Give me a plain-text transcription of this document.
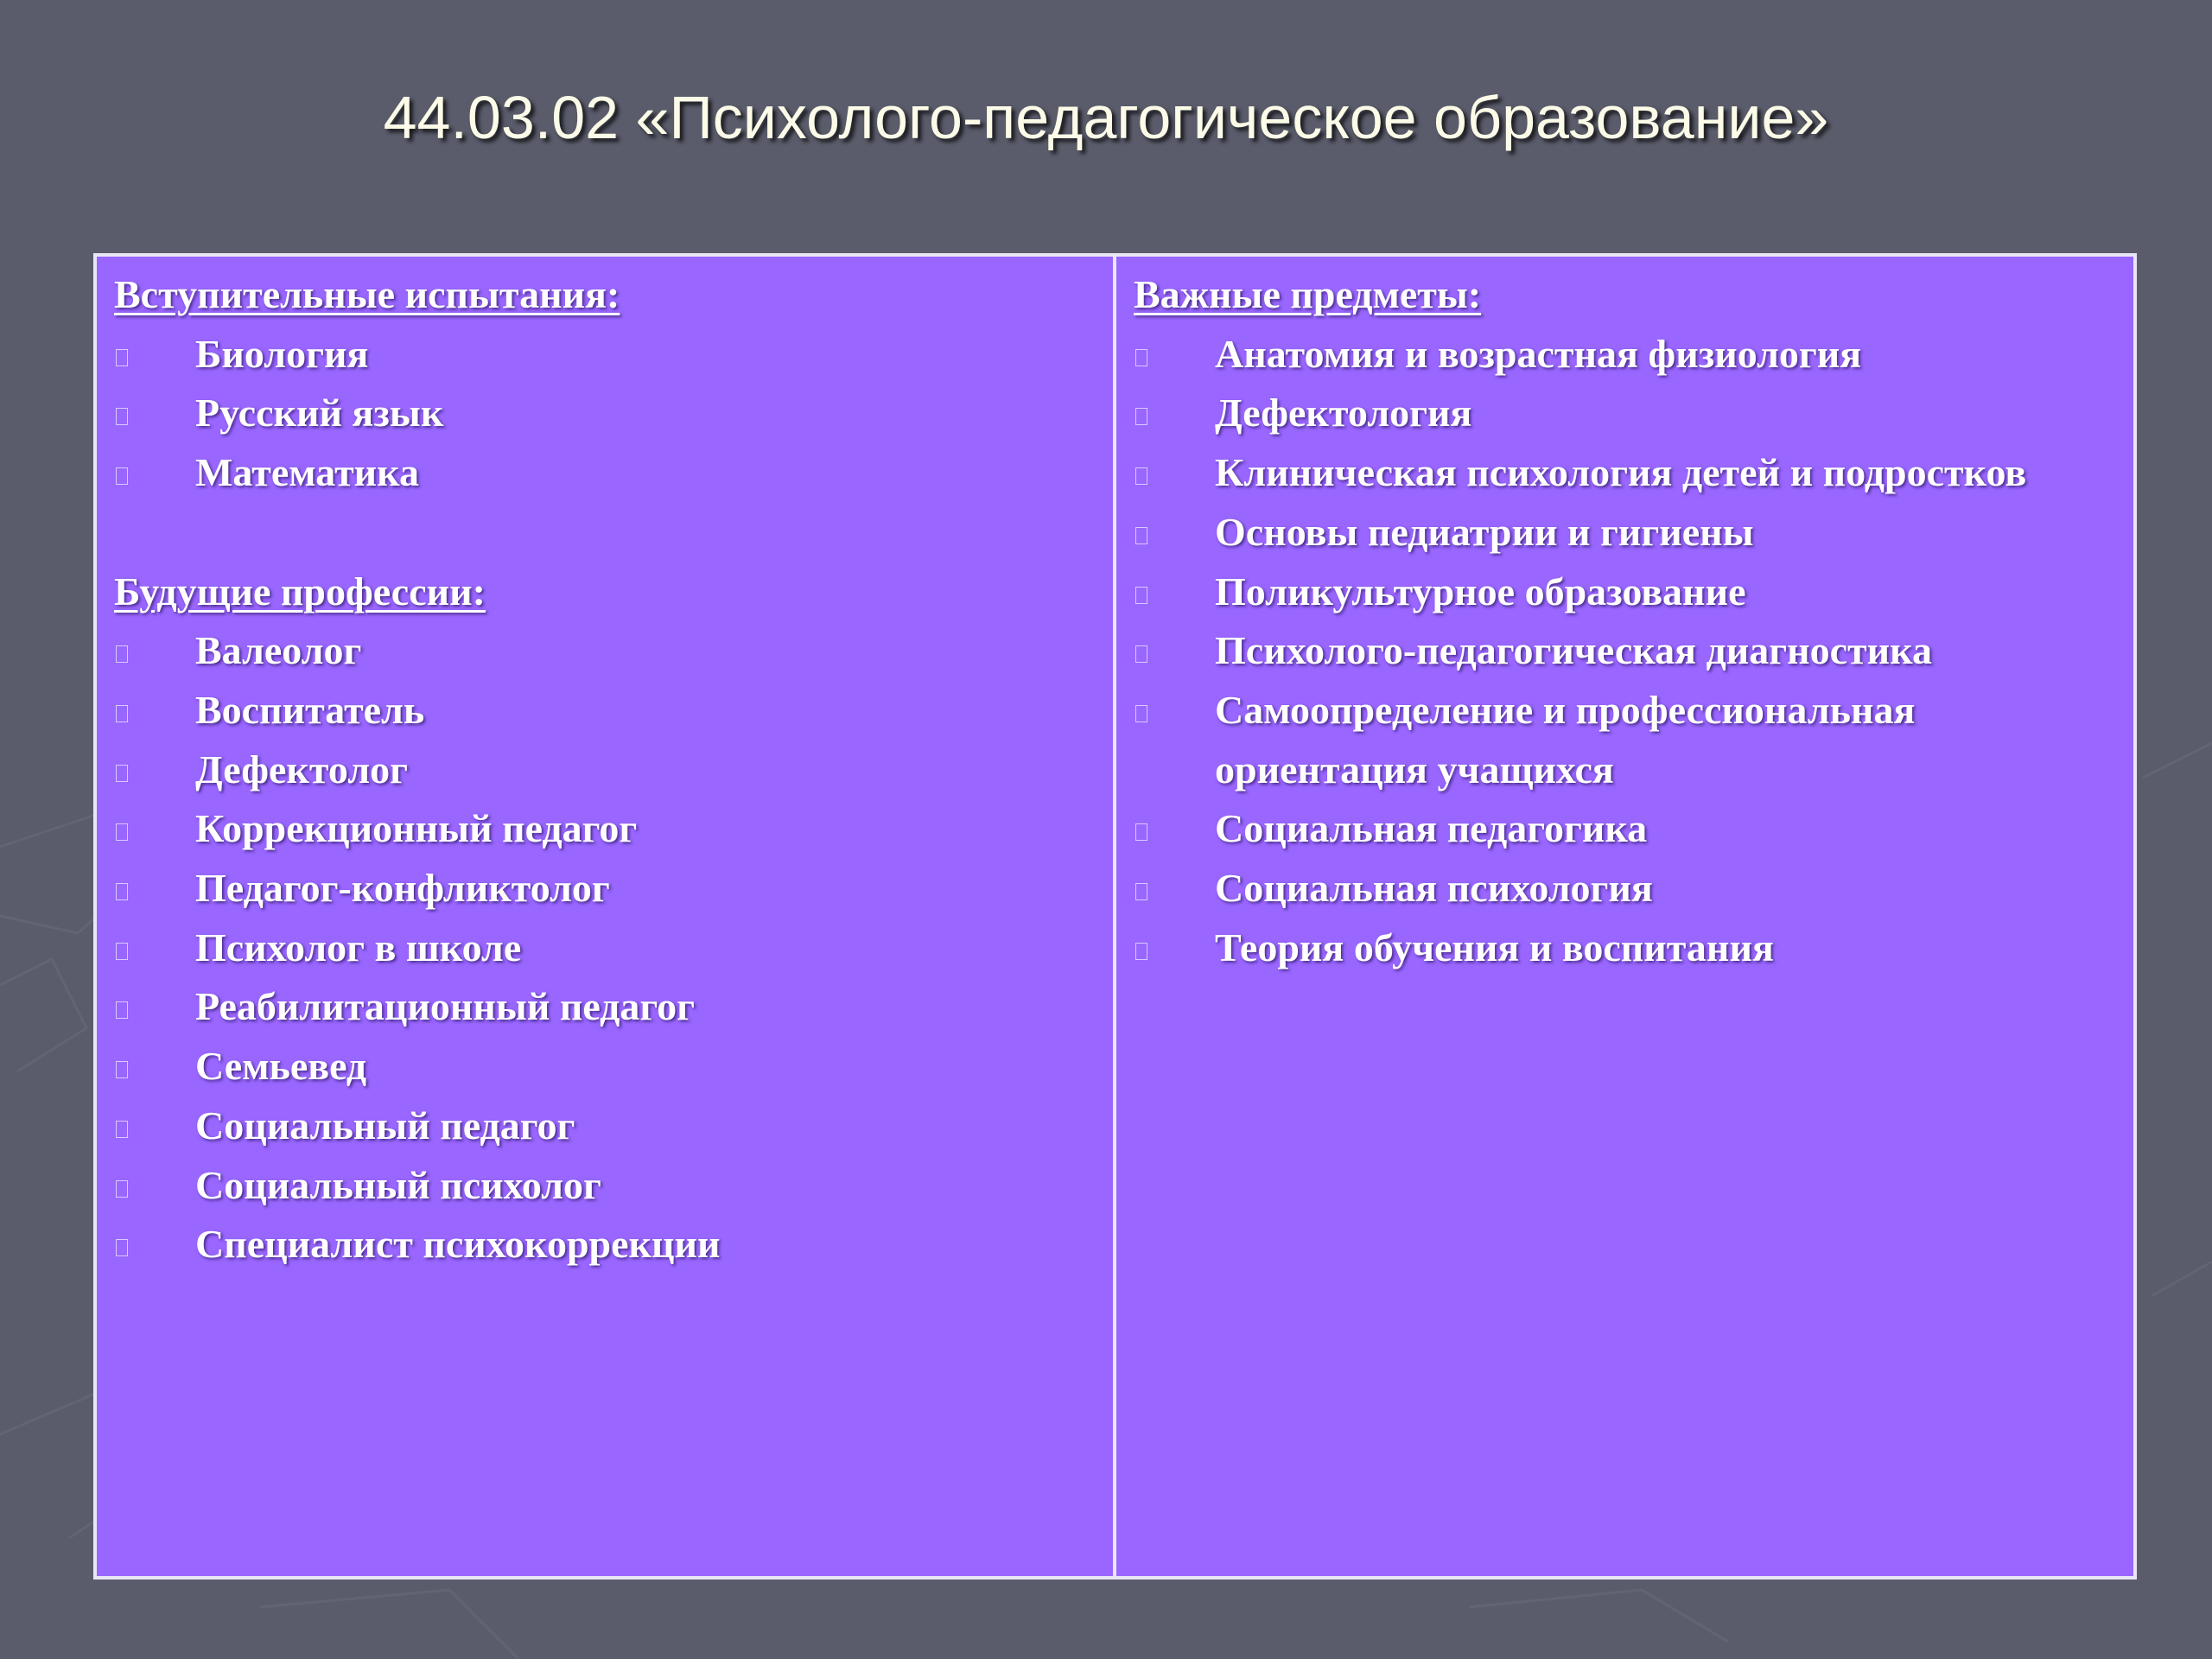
44.03.02 «Психолого-педагогическое образование»
Вступительные испытания:
Биология
Русский язык
Математика
Будущие профессии:
Валеолог
Воспитатель
Дефектолог
Коррекционный педагог
Педагог-конфликтолог
Психолог в школе
Реабилитационный педагог
Семьевед
Социальный педагог
Социальный психолог
Специалист психокоррекции
Важные предметы:
Анатомия и возрастная физиология
Дефектология
Клиническая психология детей и подростков
Основы педиатрии и гигиены
Поликультурное образование
Психолого-педагогическая диагностика
Самоопределение и профессиональная ориентация учащихся
Социальная педагогика
Социальная психология
Теория обучения и воспитания
